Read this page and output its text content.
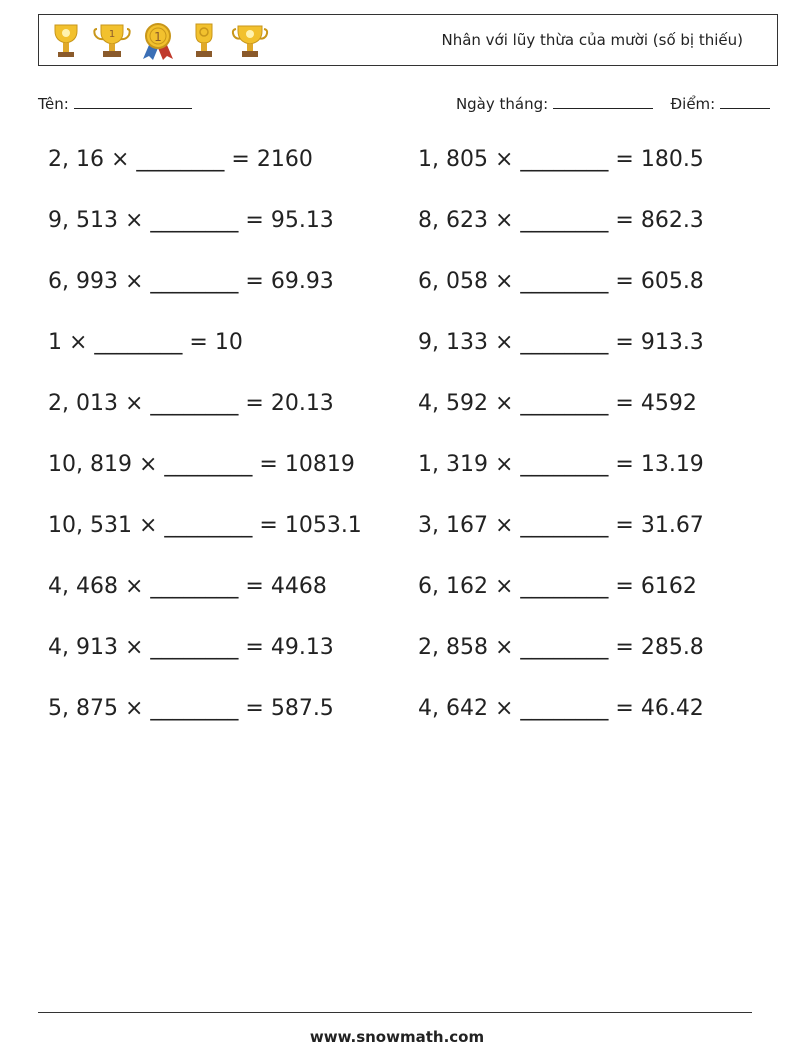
1	1	Nhân với lũy thừa của mười (số bị thiếu)
Tên:	Ngày tháng:	Điểm:
2, 16 × ________ = 2160
9, 513 × ________ = 95.13
6, 993 × ________ = 69.93
1 × ________ = 10
2, 013 × ________ = 20.13
10, 819 × ________ = 10819
10, 531 × ________ = 1053.1
4, 468 × ________ = 4468
4, 913 × ________ = 49.13
5, 875 × ________ = 587.5
1, 805 × ________ = 180.5
8, 623 × ________ = 862.3
6, 058 × ________ = 605.8
9, 133 × ________ = 913.3
4, 592 × ________ = 4592
1, 319 × ________ = 13.19
3, 167 × ________ = 31.67
6, 162 × ________ = 6162
2, 858 × ________ = 285.8
4, 642 × ________ = 46.42
www.snowmath.com
